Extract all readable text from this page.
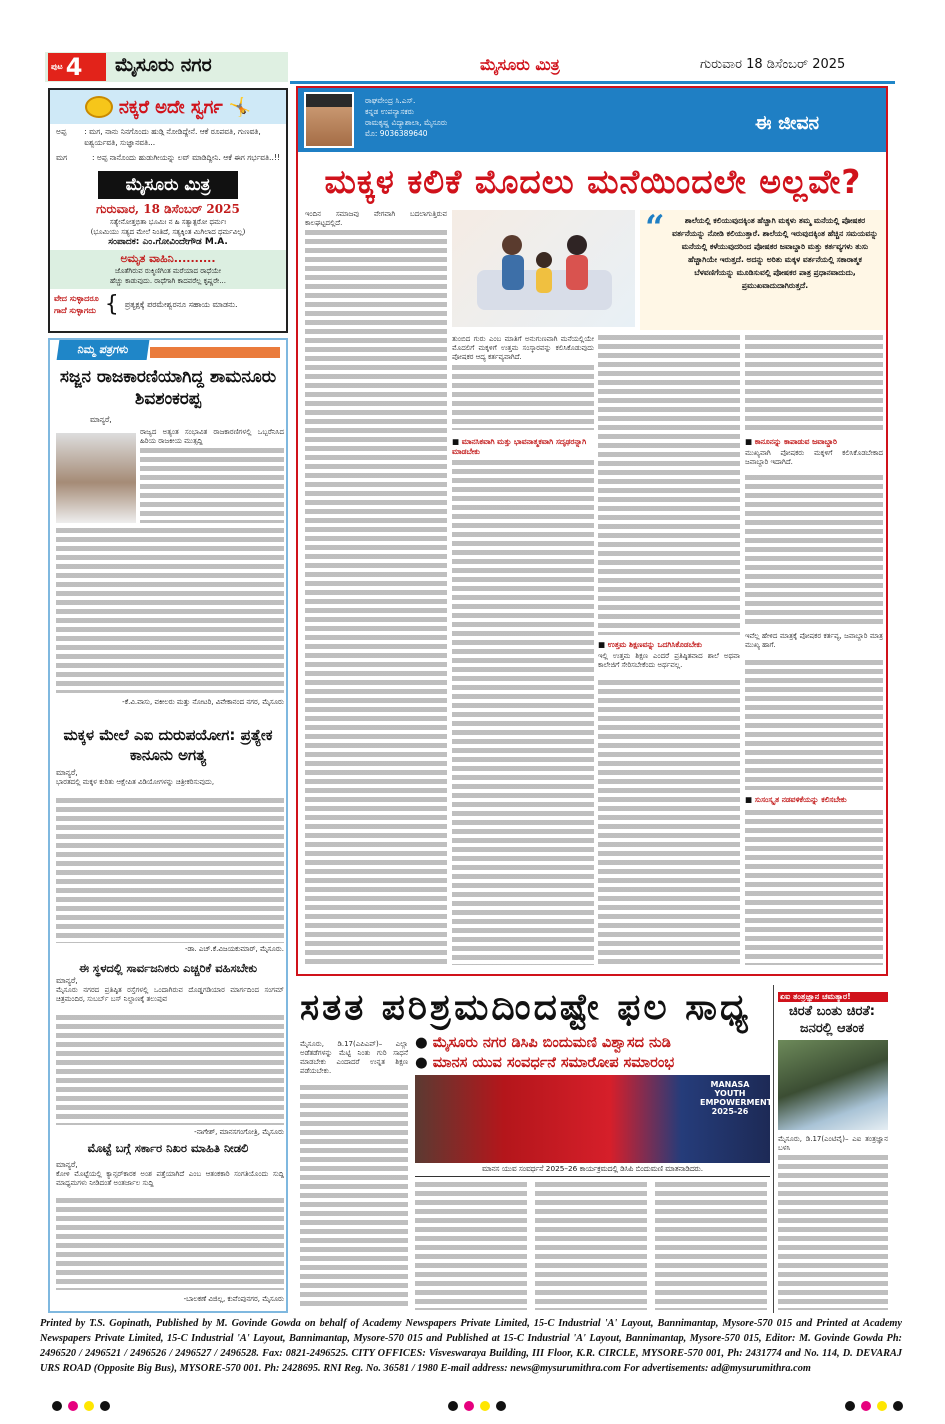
ಪುಟ 4 ಮೈಸೂರು ನಗರ	ಮೈಸೂರು ಮಿತ್ರ	ಗುರುವಾರ 18 ಡಿಸೆಂಬರ್ 2025
ನಕ್ಕರೆ ಅದೇ ಸ್ವರ್ಗ 🤸
ಅಪ್ಪ	: ಮಗ, ನಾನು ನಿನಗೊಂದು ಹುಡ್ಗಿ ನೋಡಿದ್ದೇನೆ. ಆಕೆ ರೂಪವತಿ, ಗುಣವತಿ, ಐಶ್ವರ್ಯವತಿ, ಸುಜ್ಞಾನವತಿ...
ಮಗ	: ಅಪ್ಪ ನಾನೊಂದು ಹುಡುಗೀಯನ್ನು ಲವ್ ಮಾಡಿದ್ದೀನಿ. ಆಕೆ ಈಗ ಗರ್ಭವತಿ..!!
ಮೈಸೂರು ಮಿತ್ರ
ಗುರುವಾರ, 18 ಡಿಸೆಂಬರ್ 2025
ಸತ್ಯೇನೋತ್ತಭಿತಾ ಭೂಮಿಃ ನ ಹಿ ಸತ್ಯಾತ್ಪರೋ ಧರ್ಮಃ
(ಭೂಮಿಯು ಸತ್ಯದ ಮೇಲೆ ನಿಂತಿದೆ, ಸತ್ಯಕ್ಕಿಂತ ಮಿಗಿಲಾದ ಧರ್ಮವಿಲ್ಲ)
ಸಂಪಾದಕ: ಎಂ.ಗೋವಿಂದೇಗೌಡ M.A.
ಅಮೃತ ವಾಹಿನಿ..........
ಜೊತೆಗಿರುವ ರುಕ್ಮಿಣಿಗಿಂತ ಮರೆಯಾದ ರಾಧೆಯೇ
ಹೆಚ್ಚು ಕಾಡುವುದು. ರಾಧೆಗಾಗಿ ಕಾದವರೆಲ್ಲ ಕೃಷ್ಣರೇ...
ವೇದ ಸುಳ್ಳಾದರೂ
ಗಾದೆ ಸುಳ್ಳಾಗದು { ಪ್ರತ್ಯಕ್ಷಕ್ಕೆ ಪರಮೇಶ್ವರನೂ ಸಹಾಯ ಮಾಡನು.
ನಿಮ್ಮ ಪತ್ರಗಳು
ಸಜ್ಜನ ರಾಜಕಾರಣಿಯಾಗಿದ್ದ ಶಾಮನೂರು ಶಿವಶಂಕರಪ್ಪ
ಮಾನ್ಯರೆ,
ರಾಜ್ಯದ ಅತ್ಯಂತ ಸಂಭಾವಿತ ರಾಜಕಾರಣಿಗಳಲ್ಲಿ ಒಬ್ಬರೆನಿಸಿದ ಹಿರಿಯ ರಾಜಕೀಯ ಮುತ್ಸದ್ದಿ
-ಕೆ.ವಿ.ವಾಸು, ವಕೀಲರು ಮತ್ತು ನೋಟರಿ, ವಿವೇಕಾನಂದ ನಗರ, ಮೈಸೂರು
ಮಕ್ಕಳ ಮೇಲೆ ಎಐ ದುರುಪಯೋಗ: ಪ್ರತ್ಯೇಕ ಕಾನೂನು ಅಗತ್ಯ
ಮಾನ್ಯರೆ,
ಭಾರತದಲ್ಲಿ ಮಕ್ಕಳ ಕುರಿತು ಆಕ್ಷೇಪಿತ ವಿಡಿಯೋಗಳನ್ನು ಚಿತ್ರೀಕರಿಸುವುದು,
-ಡಾ. ಎಚ್.ಕೆ.ವಿಜಯಕುಮಾರ್, ಮೈಸೂರು.
ಈ ಸ್ಥಳದಲ್ಲಿ ಸಾರ್ವಜನಿಕರು ಎಚ್ಚರಿಕೆ ವಹಿಸಬೇಕು
ಮಾನ್ಯರೆ,
ಮೈಸೂರು ನಗರದ ಪ್ರತಿಷ್ಠಿತ ರಸ್ತೆಗಳಲ್ಲಿ ಒಂದಾಗಿರುವ ದೊಡ್ಡಗಡಿಯಾರ ಮಾರ್ಗದಿಂದ ಸಂಗಮ್ ಚಿತ್ರಮಂದಿರ, ಸುಬರ್ಬ್ ಬಸ್ ನಿಲ್ದಾಣಕ್ಕೆ ತಲುಪುವ
-ನಾಗೇಶ್, ಮಾನಸಗಂಗೋತ್ರಿ, ಮೈಸೂರು
ಮೊಟ್ಟೆ ಬಗ್ಗೆ ಸರ್ಕಾರ ನಿಖರ ಮಾಹಿತಿ ನೀಡಲಿ
ಮಾನ್ಯರೆ,
ಕೋಳಿ ಮೊಟ್ಟೆಯಲ್ಲಿ ಕ್ಯಾನ್ಸರ್‌ಕಾರಕ ಅಂಶ ಪತ್ತೆಯಾಗಿದೆ ಎಂಬ ಆತಂಕಕಾರಿ ಸಂಗತಿಯೊಂದು ಸುದ್ದಿ ಮಾಧ್ಯಮಗಳು ನೀಡಿದಂತೆ ಅಂತರ್ಜಾಲ ಸುದ್ದಿ
-ಬಾಲಕಣೆ ವಿಜಿಲ್ಲ, ಕುವೆಂಪುನಗರ, ಮೈಸೂರು
ರಾಘವೇಂದ್ರ ಸಿ.ಎಸ್.
ಕನ್ನಡ ಉಪನ್ಯಾಸಕರು
ರಾಮಕೃಷ್ಣ ವಿದ್ಯಾಶಾಲಾ, ಮೈಸೂರು
ಮೊ: 9036389640	ಈ ಜೀವನ
ಮಕ್ಕಳ ಕಲಿಕೆ ಮೊದಲು ಮನೆಯಿಂದಲೇ ಅಲ್ಲವೇ?
ಶಾಲೆಯಲ್ಲಿ ಕಲಿಯುವುದಕ್ಕಿಂತ ಹೆಚ್ಚಾಗಿ ಮಕ್ಕಳು ತಮ್ಮ ಮನೆಯಲ್ಲಿ ಪೋಷಕರ ವರ್ತನೆಯನ್ನು ನೋಡಿ ಕಲಿಯುತ್ತಾರೆ. ಶಾಲೆಯಲ್ಲಿ ಇರುವುದಕ್ಕಿಂತ ಹೆಚ್ಚಿನ ಸಮಯವನ್ನು ಮನೆಯಲ್ಲಿ ಕಳೆಯುವುದರಿಂದ ಪೋಷಕರ ಜವಾಬ್ದಾರಿ ಮತ್ತು ಕರ್ತವ್ಯಗಳು ತುಸು ಹೆಚ್ಚಾಗಿಯೇ ಇರುತ್ತದೆ. ಅದನ್ನು ಅರಿತು ಮಕ್ಕಳ ವರ್ತನೆಯಲ್ಲಿ ಸಕಾರಾತ್ಮಕ ಬೆಳವಣಿಗೆಯನ್ನು ಮೂಡಿಸುವಲ್ಲಿ ಪೋಷಕರ ಪಾತ್ರ ಪ್ರಧಾನವಾದುದು, ಪ್ರಮುಖವಾದುದಾಗಿರುತ್ತದೆ.
“
ಇಂದಿನ ಸಮಾಜವು ವೇಗವಾಗಿ ಬದಲಾಗುತ್ತಿರುವ ಕಾಲಘಟ್ಟದಲ್ಲಿದೆ.
ತುಂಬಿದ ಗುರು ಎಂಬ ಮಾತಿಗೆ ಅನುಗುಣವಾಗಿ ಮನೆಯಲ್ಲಿಯೇ ಮೊದಲಿಗೆ ಮಕ್ಕಳಿಗೆ ಉತ್ತಮ ಸಂಸ್ಕಾರವನ್ನು ಕಲಿಸಿಕೊಡುವುದು ಪೋಷಕರ ಆದ್ಯ ಕರ್ತವ್ಯವಾಗಿದೆ.
■ ಮಾನಸಿಕವಾಗಿ ಮತ್ತು ಭಾವನಾತ್ಮಕವಾಗಿ ಸದೃಢರನ್ನಾಗಿ ಮಾಡಬೇಕು
■ ಉತ್ತಮ ಶಿಕ್ಷಣವನ್ನು ಒದಗಿಸಿಕೊಡಬೇಕು
ಇಲ್ಲಿ ಉತ್ತಮ ಶಿಕ್ಷಣ ಎಂದರೆ ಪ್ರತಿಷ್ಠಿತವಾದ ಶಾಲೆ ಅಥವಾ ಕಾಲೇಜಿಗೆ ಸೇರಿಸಬೇಕೆಂದು ಅರ್ಥವಲ್ಲ.
■ ಕಾನೂನನ್ನು ಕಾಪಾಡುವ ಜವಾಬ್ದಾರಿ
ಮುಖ್ಯವಾಗಿ ಪೋಷಕರು ಮಕ್ಕಳಿಗೆ ಕಲಿಸಿಕೊಡಬೇಕಾದ ಜವಾಬ್ದಾರಿ ಇದಾಗಿದೆ.
ಇವೆಲ್ಲ ಹೇಳಿದ ಮಾತ್ರಕ್ಕೆ ಪೋಷಕರ ಕರ್ತವ್ಯ, ಜವಾಬ್ದಾರಿ ಮಾತ್ರ ಮುಖ್ಯ ಹಾಗೆ.
■ ಸುಸಂಸ್ಕೃತ ನಡವಳಿಕೆಯನ್ನು ಕಲಿಸಬೇಕು
ಸತತ ಪರಿಶ್ರಮದಿಂದಷ್ಟೇ ಫಲ ಸಾಧ್ಯ
ಮೈಸೂರು, ಡಿ.17(ಎಪಿಎಪ್)– ಎಲ್ಲಾ ಅಡೆತಡೆಗಳನ್ನು ಮೆಟ್ಟಿ ನಿಂತು ಗುರಿ ಸಾಧನೆ ಮಾಡಬೇಕು ಎಂದಾದರೆ ಉನ್ನತ ಶಿಕ್ಷಣ ಪಡೆಯಬೇಕು.
● ಮೈಸೂರು ನಗರ ಡಿಸಿಪಿ ಬಿಂದುಮಣಿ ವಿಶ್ವಾಸದ ನುಡಿ
● ಮಾನಸ ಯುವ ಸಂವರ್ಧನೆ ಸಮಾರೋಪ ಸಮಾರಂಭ
MANASA YOUTH EMPOWERMENT 2025-26
ಮಾನಸ ಯುವ ಸಂವರ್ಧನೆ 2025–26 ಕಾರ್ಯಕ್ರಮದಲ್ಲಿ ಡಿಸಿಪಿ ಬಿಂದುಮಣಿ ಮಾತನಾಡಿದರು.
ಏಐ ತಂತ್ರಜ್ಞಾನ ಚಮತ್ಕಾರ!
ಚಿರತೆ ಬಂತು ಚಿರತೆ: ಜನರಲ್ಲಿ ಆತಂಕ
ಮೈಸೂರು, ಡಿ.17(ಎಂಟಿವೈ)– ಎಐ ತಂತ್ರಜ್ಞಾನ ಬಳಸಿ
Printed by T.S. Gopinath, Published by M. Govinde Gowda on behalf of Academy Newspapers Private Limited, 15-C Industrial 'A' Layout, Bannimantap, Mysore-570 015 and Printed at Academy Newspapers Private Limited, 15-C Industrial 'A' Layout, Bannimantap, Mysore-570 015 and Published at 15-C Industrial 'A' Layout, Bannimantap, Mysore-570 015, Editor: M. Govinde Gowda Ph: 2496520 / 2496521 / 2496526 / 2496527 / 2496528. Fax: 0821-2496525. CITY OFFICES: Visveswaraya Building, III Floor, K.R. CIRCLE, MYSORE-570 001, Ph: 2431774 and No. 114, D. DEVARAJ URS ROAD (Opposite Big Bus), MYSORE-570 001. Ph: 2428695. RNI Reg. No. 36581 / 1980 E-mail address: news@mysurumithra.com For advertisements: ad@mysurumithra.com
